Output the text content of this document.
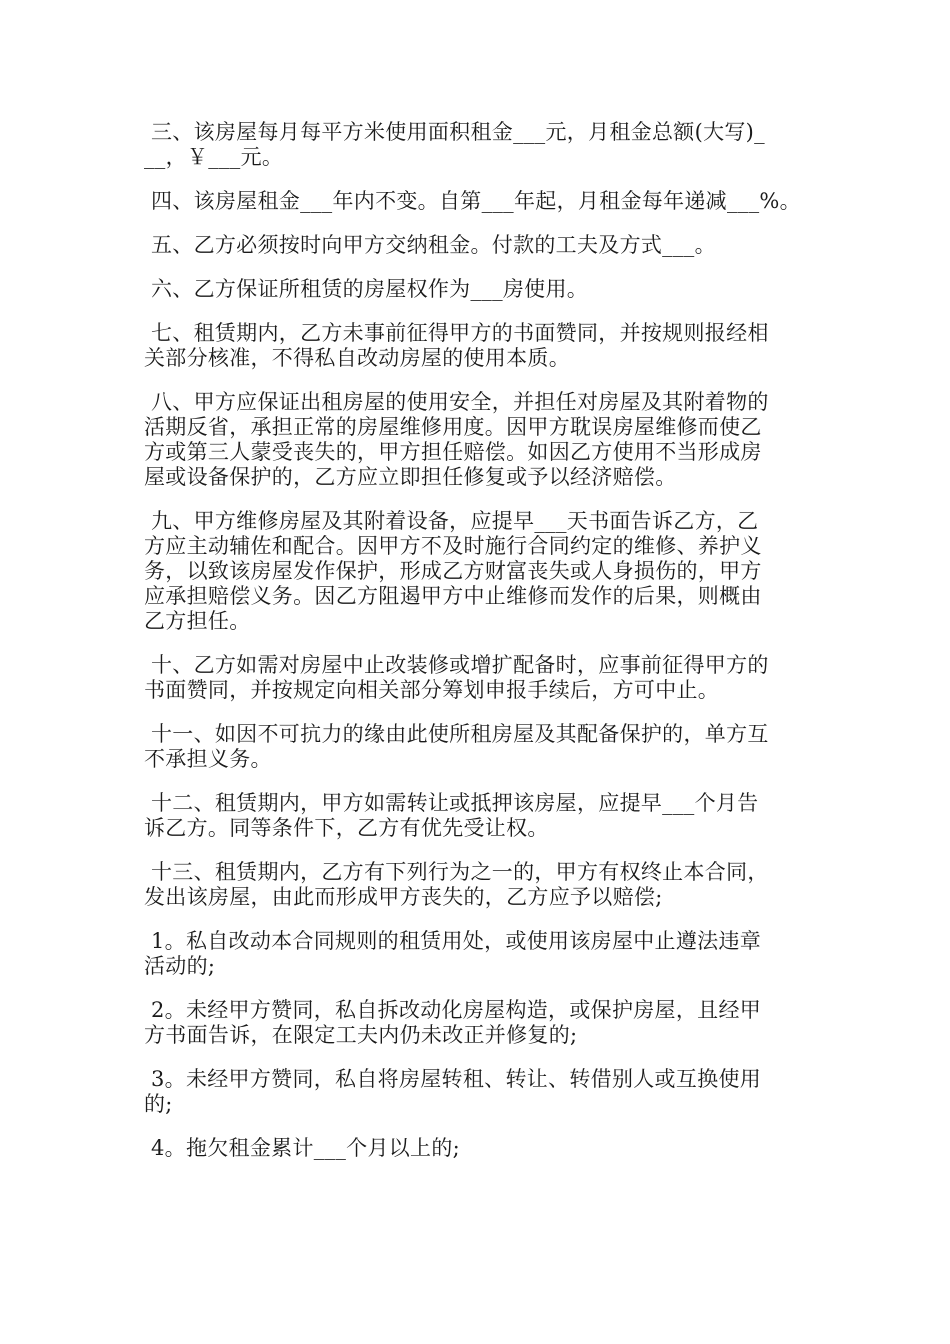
三、该房屋每月每平方米使用面积租金___元，月租金总额(大写)_
__，￥___元。

四、该房屋租金___年内不变。自第___年起，月租金每年递减___%。

五、乙方必须按时向甲方交纳租金。付款的工夫及方式___。

六、乙方保证所租赁的房屋权作为___房使用。

七、租赁期内，乙方未事前征得甲方的书面赞同，并按规则报经相
关部分核准，不得私自改动房屋的使用本质。

八、甲方应保证出租房屋的使用安全，并担任对房屋及其附着物的
活期反省，承担正常的房屋维修用度。因甲方耽误房屋维修而使乙
方或第三人蒙受丧失的，甲方担任赔偿。如因乙方使用不当形成房
屋或设备保护的，乙方应立即担任修复或予以经济赔偿。

九、甲方维修房屋及其附着设备，应提早___天书面告诉乙方，乙
方应主动辅佐和配合。因甲方不及时施行合同约定的维修、养护义
务，以致该房屋发作保护，形成乙方财富丧失或人身损伤的，甲方
应承担赔偿义务。因乙方阻遏甲方中止维修而发作的后果，则概由
乙方担任。

十、乙方如需对房屋中止改装修或增扩配备时，应事前征得甲方的
书面赞同，并按规定向相关部分筹划申报手续后，方可中止。

十一、如因不可抗力的缘由此使所租房屋及其配备保护的，单方互
不承担义务。

十二、租赁期内，甲方如需转让或抵押该房屋，应提早___个月告
诉乙方。同等条件下，乙方有优先受让权。

十三、租赁期内，乙方有下列行为之一的，甲方有权终止本合同，
发出该房屋，由此而形成甲方丧失的，乙方应予以赔偿;

1。私自改动本合同规则的租赁用处，或使用该房屋中止遵法违章
活动的;

2。未经甲方赞同，私自拆改动化房屋构造，或保护房屋，且经甲
方书面告诉，在限定工夫内仍未改正并修复的;

3。未经甲方赞同，私自将房屋转租、转让、转借别人或互换使用
的;

4。拖欠租金累计___个月以上的;
